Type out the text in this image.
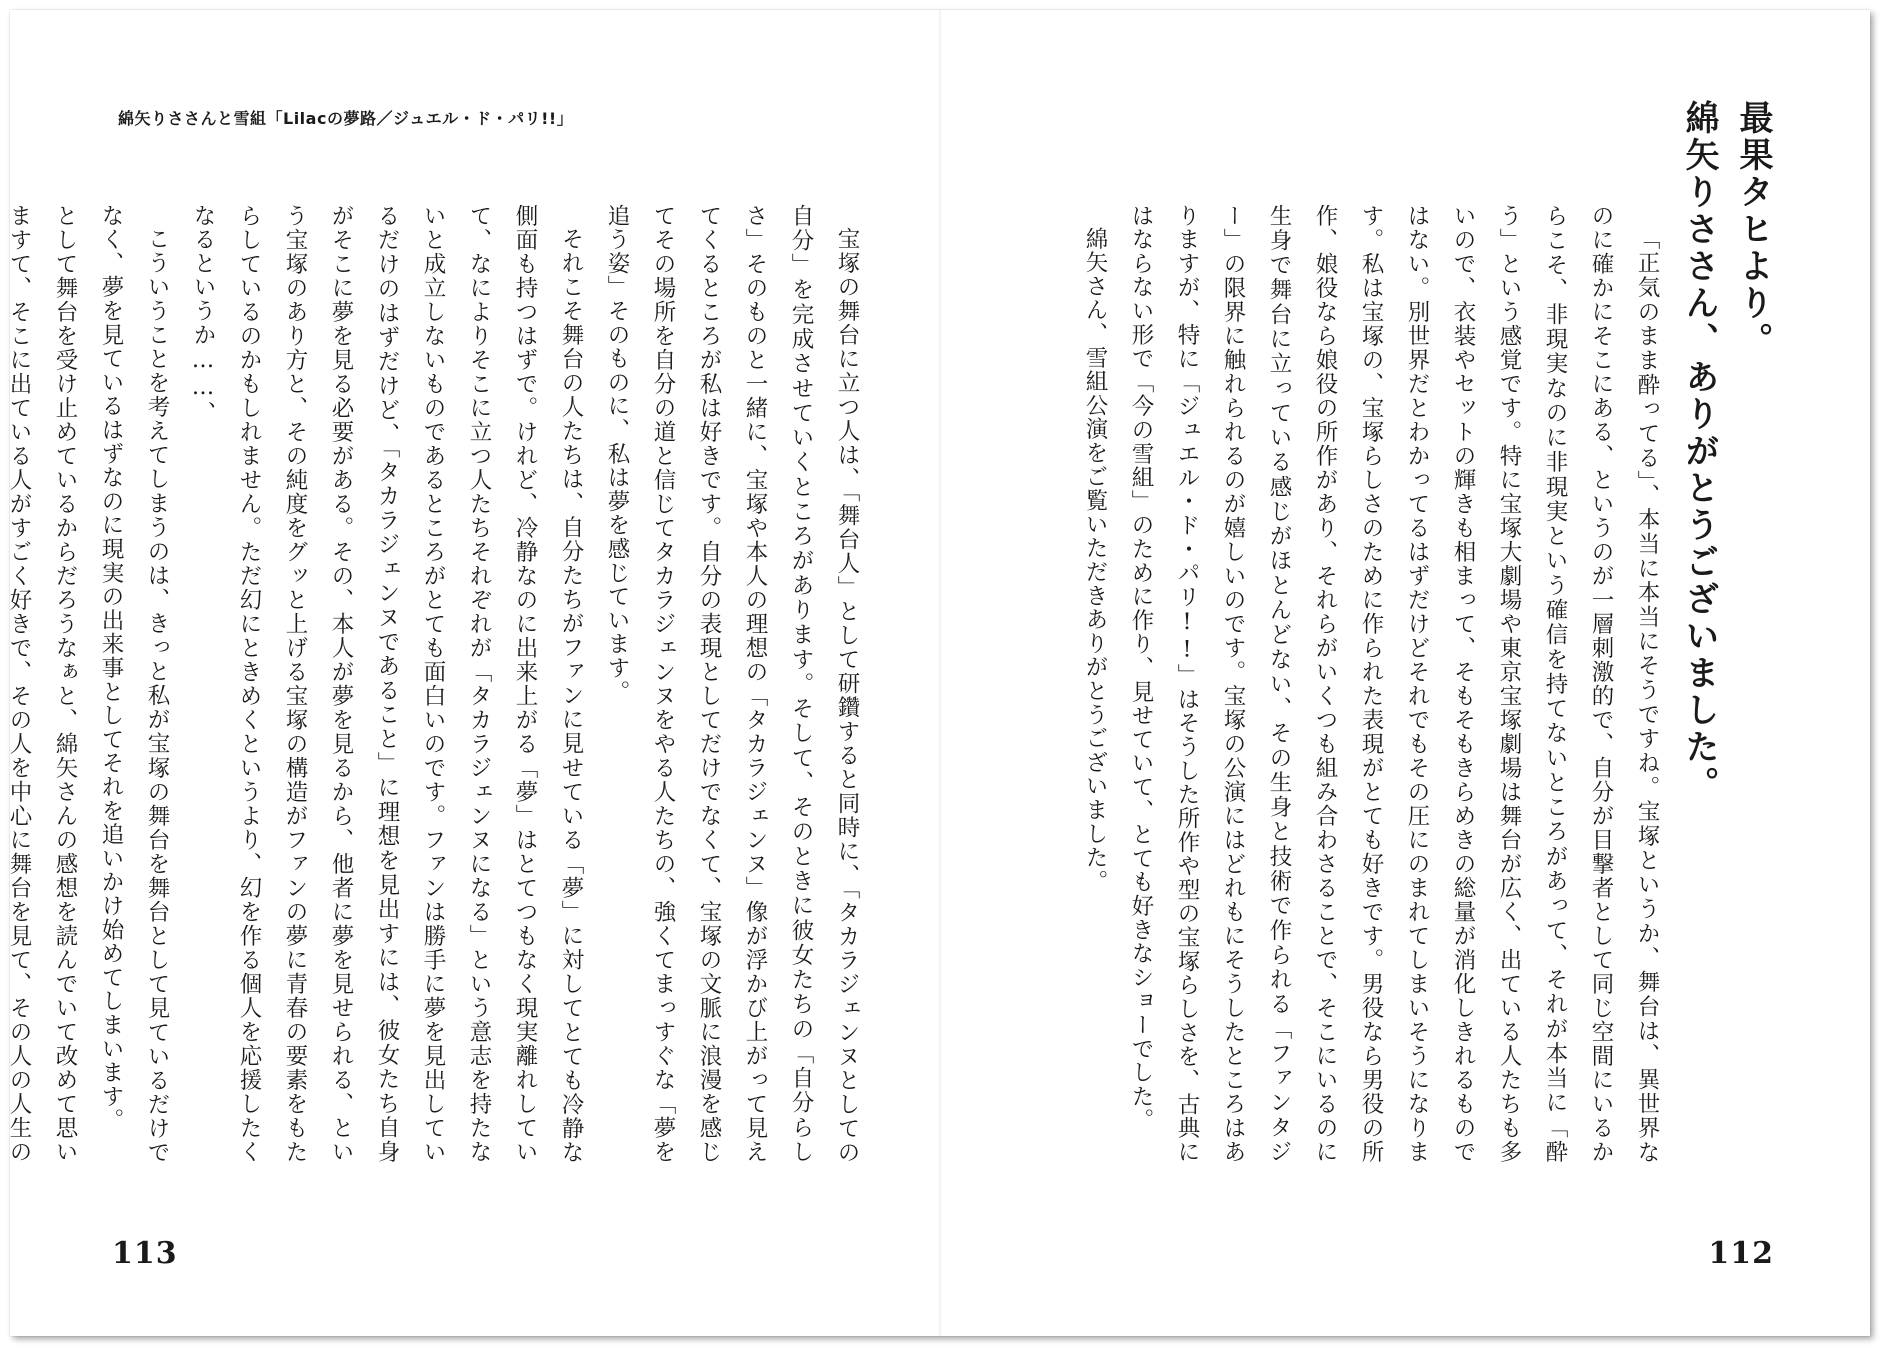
綿矢りささんと雪組「Lilacの夢路／ジュエル・ド・パリ!!」

宝塚の舞台に立つ人は、「舞台人」として研鑽すると同時に、「タカラジェンヌとしての自分」を完成させていくところがあります。そして、そのときに彼女たちの「自分らしさ」そのものと一緒に、宝塚や本人の理想の「タカラジェンヌ」像が浮かび上がって見えてくるところが私は好きです。自分の表現としてだけでなくて、宝塚の文脈に浪漫を感じてその場所を自分の道と信じてタカラジェンヌをやる人たちの、強くてまっすぐな「夢を追う姿」そのものに、私は夢を感じています。

それこそ舞台の人たちは、自分たちがファンに見せている「夢」に対してとても冷静な側面も持つはずで。けれど、冷静なのに出来上がる「夢」はとてつもなく現実離れしていて、なによりそこに立つ人たちそれぞれが「タカラジェンヌになる」という意志を持たないと成立しないものであるところがとても面白いのです。ファンは勝手に夢を見出しているだけのはずだけど、「タカラジェンヌであること」に理想を見出すには、彼女たち自身がそこに夢を見る必要がある。その、本人が夢を見るから、他者に夢を見せられる、という宝塚のあり方と、その純度をグッと上げる宝塚の構造がファンの夢に青春の要素をもたらしているのかもしれません。ただ幻にときめくというより、幻を作る個人を応援したくなるというか……、

こういうことを考えてしまうのは、きっと私が宝塚の舞台を舞台として見ているだけでなく、夢を見ているはずなのに現実の出来事としてそれを追いかけ始めてしまいます。

として舞台を受け止めているからだろうなぁと、綿矢さんの感想を読んでいて改めて思いますて、そこに出ている人がすごく好きで、その人を中心に舞台を見て、その人の人生の

113
最果タヒより。
綿矢りささん、ありがとうございました。

「正気のまま酔ってる」、本当に本当にそうですね。宝塚というか、舞台は、異世界なのに確かにそこにある、というのが一層刺激的で、自分が目撃者として同じ空間にいるからこそ、非現実なのに非現実という確信を持てないところがあって、それが本当に「酔う」という感覚です。特に宝塚大劇場や東京宝塚劇場は舞台が広く、出ている人たちも多いので、衣装やセットの輝きも相まって、そもそもきらめきの総量が消化しきれるものではない。別世界だとわかってるはずだけどそれでもその圧にのまれてしまいそうになります。私は宝塚の、宝塚らしさのために作られた表現がとても好きです。男役なら男役の所作、娘役なら娘役の所作があり、それらがいくつも組み合わさることで、そこにいるのに生身で舞台に立っている感じがほとんどない、その生身と技術で作られる「ファンタジー」の限界に触れられるのが嬉しいのです。宝塚の公演にはどれもにそうしたところはありますが、特に「ジュエル・ド・パリ!!」はそうした所作や型の宝塚らしさを、古典にはならない形で「今の雪組」のために作り、見せていて、とても好きなショーでした。

綿矢さん、雪組公演をご覧いただきありがとうございました。

112
